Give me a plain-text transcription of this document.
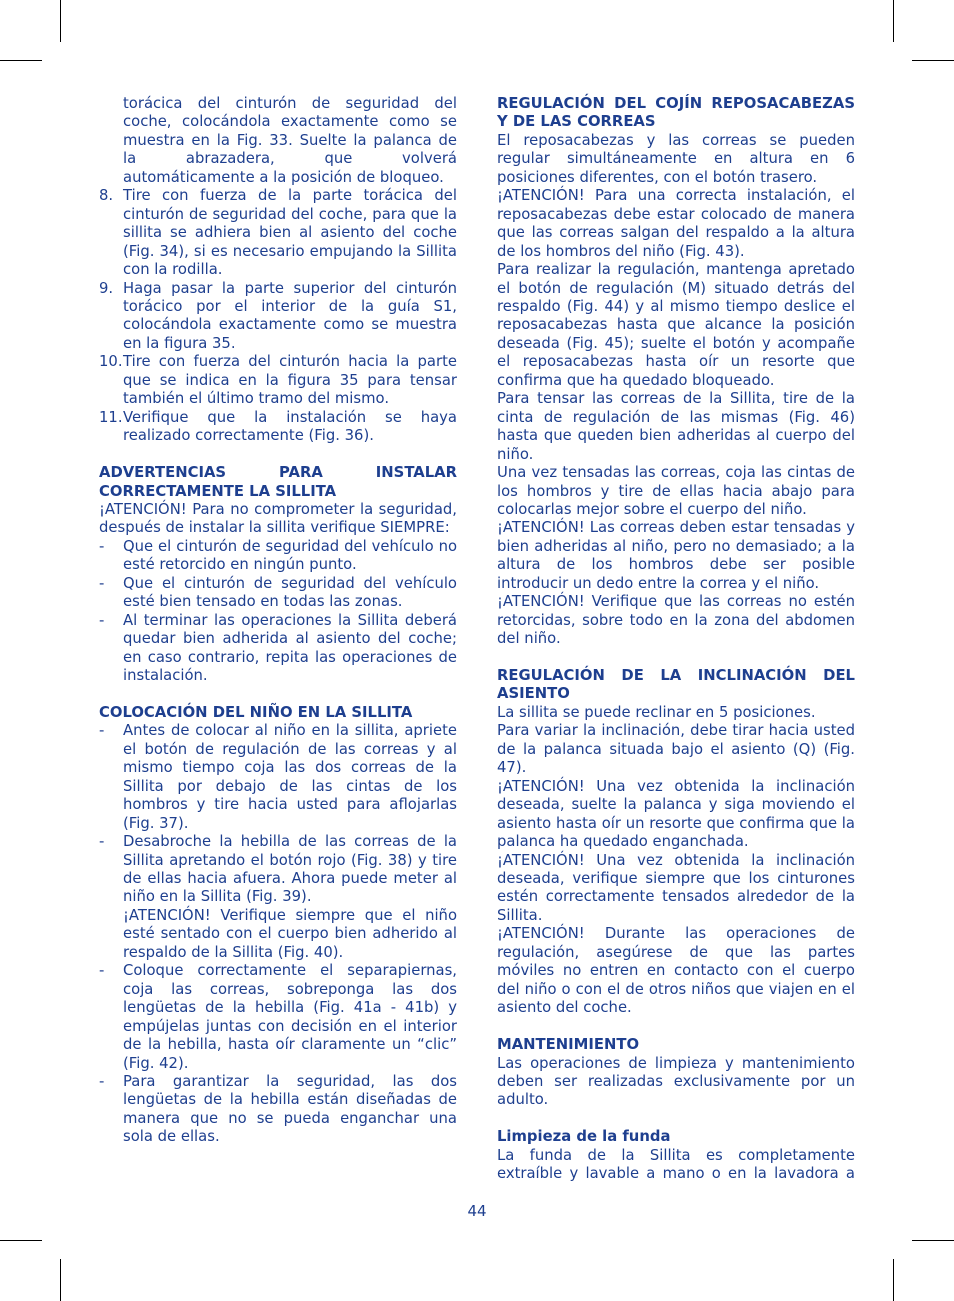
torácica del cinturón de seguridad del coche, colocándola exactamente como se muestra en la Fig. 33. Suelte la palanca de la abrazadera, que volverá automáticamente a la posición de bloqueo.

8. Tire con fuerza de la parte torácica del cinturón de seguridad del coche, para que la sillita se adhiera bien al asiento del coche (Fig. 34), si es necesario empujando la Sillita con la rodilla.
9. Haga pasar la parte superior del cinturón torácico por el interior de la guía S1, colocándola exactamente como se muestra en la figura 35.
10. Tire con fuerza del cinturón hacia la parte que se indica en la figura 35 para tensar también el último tramo del mismo.
11. Verifique que la instalación se haya realizado correctamente (Fig. 36).

ADVERTENCIAS PARA INSTALAR

CORRECTAMENTE LA SILLITA

¡ATENCIÓN! Para no comprometer la seguridad, después de instalar la sillita verifique SIEMPRE:

-	Que el cinturón de seguridad del vehículo no esté retorcido en ningún punto.
-	Que el cinturón de seguridad del vehículo esté bien tensado en todas las zonas.
-	Al terminar las operaciones la Sillita deberá quedar bien adherida al asiento del coche; en caso contrario, repita las operaciones de instalación.

COLOCACIÓN DEL NIÑO EN LA SILLITA

-	Antes de colocar al niño en la sillita, apriete el botón de regulación de las correas y al mismo tiempo coja las dos correas de la Sillita por debajo de las cintas de los hombros y tire hacia usted para aflojarlas (Fig. 37).
-	Desabroche la hebilla de las correas de la Sillita apretando el botón rojo (Fig. 38) y tire de ellas hacia afuera. Ahora puede meter al niño en la Sillita (Fig. 39).

¡ATENCIÓN! Verifique siempre que el niño esté sentado con el cuerpo bien adherido al respaldo de la Sillita (Fig. 40).

-	Coloque correctamente el separapiernas, coja las correas, sobreponga las dos lengüetas de la hebilla (Fig. 41a - 41b) y empújelas juntas con decisión en el interior de la hebilla, hasta oír claramente un “clic” (Fig. 42).
-	Para garantizar la seguridad, las dos lengüetas de la hebilla están diseñadas de manera que no se pueda enganchar una sola de ellas.

REGULACIÓN DEL COJÍN REPOSACABEZAS Y DE LAS CORREAS

El reposacabezas y las correas se pueden regular simultáneamente en altura en 6 posiciones diferentes, con el botón trasero.

¡ATENCIÓN! Para una correcta instalación, el reposacabezas debe estar colocado de manera que las correas salgan del respaldo a la altura de los hombros del niño (Fig. 43).

Para realizar la regulación, mantenga apretado el botón de regulación (M) situado detrás del respaldo (Fig. 44) y al mismo tiempo deslice el reposacabezas hasta que alcance la posición deseada (Fig. 45); suelte el botón y acompañe el reposacabezas hasta oír un resorte que confirma que ha quedado bloqueado.

Para tensar las correas de la Sillita, tire de la cinta de regulación de las mismas (Fig. 46) hasta que queden bien adheridas al cuerpo del niño.

Una vez tensadas las correas, coja las cintas de los hombros y tire de ellas hacia abajo para colocarlas mejor sobre el cuerpo del niño.

¡ATENCIÓN! Las correas deben estar tensadas y bien adheridas al niño, pero no demasiado; a la altura de los hombros debe ser posible introducir un dedo entre la correa y el niño.

¡ATENCIÓN! Verifique que las correas no estén retorcidas, sobre todo en la zona del abdomen del niño.

REGULACIÓN DE LA INCLINACIÓN DEL

ASIENTO

La sillita se puede reclinar en 5 posiciones.

Para variar la inclinación, debe tirar hacia usted de la palanca situada bajo el asiento (Q) (Fig. 47).

¡ATENCIÓN! Una vez obtenida la inclinación deseada, suelte la palanca y siga moviendo el asiento hasta oír un resorte que confirma que la palanca ha quedado enganchada.

¡ATENCIÓN! Una vez obtenida la inclinación deseada, verifique siempre que los cinturones estén correctamente tensados alrededor de la Sillita.

¡ATENCIÓN! Durante las operaciones de regulación, asegúrese de que las partes móviles no entren en contacto con el cuerpo del niño o con el de otros niños que viajen en el asiento del coche.

MANTENIMIENTO

Las operaciones de limpieza y mantenimiento deben ser realizadas exclusivamente por un adulto.

Limpieza de la funda

La funda de la Sillita es completamente extraíble y lavable a mano o en la lavadora a

44
